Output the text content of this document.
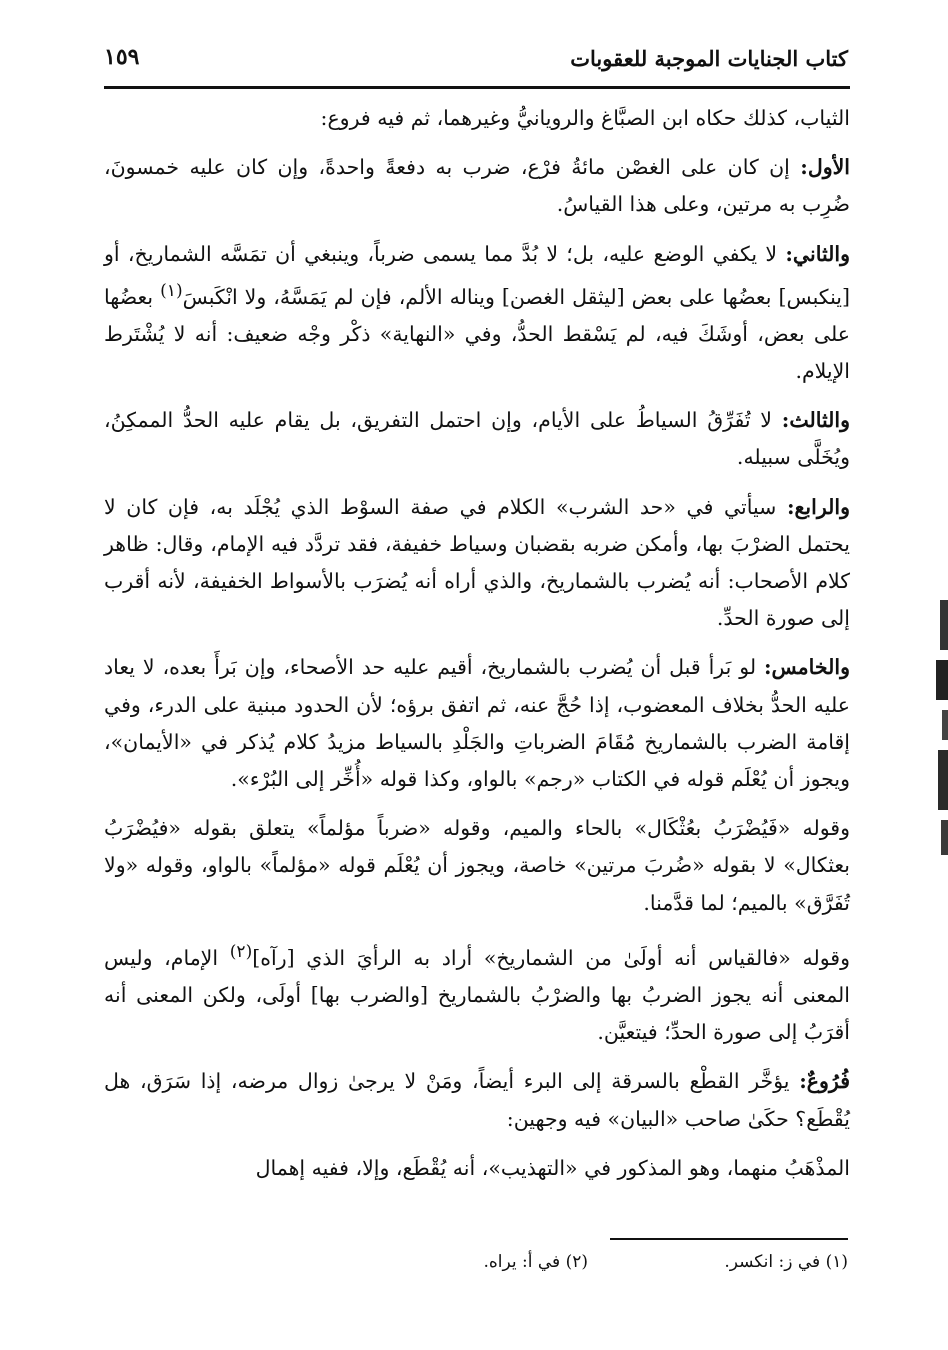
كتاب الجنايات الموجبة للعقوبات
١٥٩

الثياب، كذلك حكاه ابن الصبَّاغ والرويانيُّ وغيرهما، ثم فيه فروع:

الأول: إن كان على الغصْن مائةُ فرْع، ضرب به دفعةً واحدةً، وإن كان عليه خمسونَ، ضُرِب به مرتين، وعلى هذا القياسُ.

والثاني: لا يكفي الوضع عليه، بل؛ لا بُدَّ مما يسمى ضرباً، وينبغي أن تمَسَّه الشماريخ، أو [ينكبس] بعضُها على بعض [ليثقل الغصن] ويناله الألم، فإن لم يَمَسَّهُ، ولا انْكَبسَ$^{(١)}$ بعضُها على بعض، أوشَكَ فيه، لم يَسْقط الحدُّ، وفي «النهاية» ذكْر وجْه ضعيف: أنه لا يُشْتَرط الإيلام.

والثالث: لا تُفَرِّقُ السياطُ على الأيام، وإن احتمل التفريق، بل يقام عليه الحدُّ الممكِنُ، ويُخَلَّى سبيله.

والرابع: سيأتي في «حد الشرب» الكلام في صفة السوْط الذي يُجْلَد به، فإن كان لا يحتمل الضرْبَ بها، وأمكن ضربه بقضبان وسياط خفيفة، فقد تردَّد فيه الإمام، وقال: ظاهر كلام الأصحاب: أنه يُضرب بالشماريخ، والذي أراه أنه يُضرَب بالأسواط الخفيفة، لأنه أقرب إلى صورة الحدِّ.

والخامس: لو بَرأ قبل أن يُضرب بالشماريخ، أقيم عليه حد الأصحاء، وإن بَرأَ بعده، لا يعاد عليه الحدُّ بخلاف المعضوب، إذا حُجَّ عنه، ثم اتفق برؤه؛ لأن الحدود مبنية على الدرء، وفي إقامة الضرب بالشماريخ مُقَامَ الضرباتِ والجَلْدِ بالسياط مزيدُ كلام يُذكر في «الأيمان»، ويجوز أن يُعْلَم قوله في الكتاب «رجم» بالواو، وكذا قوله «أُخِّر إلى البُرْء».

وقوله «فَيُضْرَبُ بعُثْكَال» بالحاء والميم، وقوله «ضرباً مؤلماً» يتعلق بقوله «فيُضْرَبُ بعثكال» لا بقوله «ضُربَ مرتين» خاصة، ويجوز أن يُعْلَم قوله «مؤلماً» بالواو، وقوله «ولا تُفَرَّق» بالميم؛ لما قدَّمنا.

وقوله «فالقياس أنه أولَىٰ من الشماريخ» أراد به الرأيَ الذي [رآه]$^{(٢)}$ الإمام، وليس المعنى أنه يجوز الضربُ بها والضرْبُ بالشماريخ [والضرب بها] أولَى، ولكن المعنى أنه أقرَبُ إلى صورة الحدِّ؛ فيتعيَّن.

فُرُوعٌ: يؤخَّر القطْع بالسرقة إلى البرء أيضاً، ومَنْ لا يرجىٰ زوال مرضه، إذا سَرَق، هل يُقْطَع؟ حكَىٰ صاحب «البيان» فيه وجهين:

المذْهَبُ منهما، وهو المذكور في «التهذيب»، أنه يُقْطَع، وإلا، ففيه إهمال

(١) في ز: انكسر.
(٢) في أ: يراه.
